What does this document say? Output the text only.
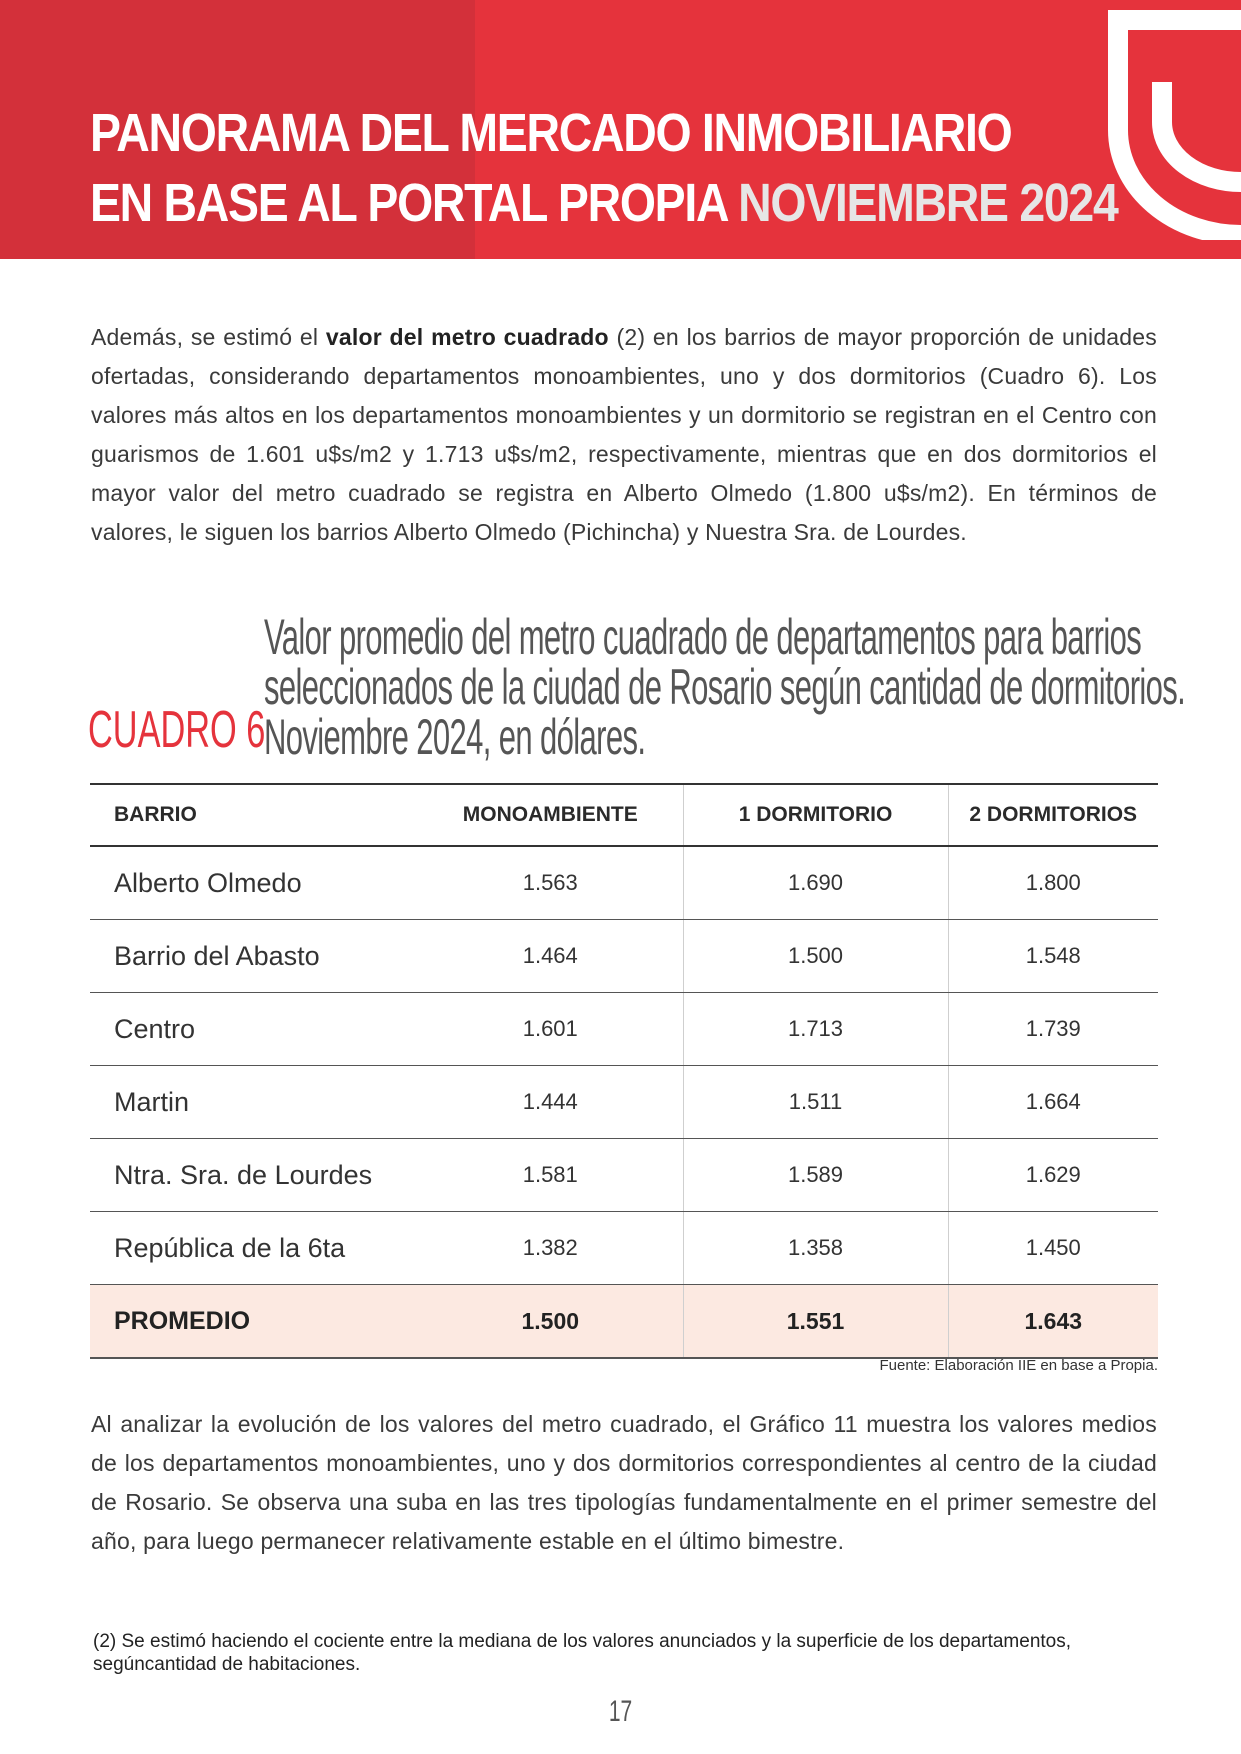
PANORAMA DEL MERCADO INMOBILIARIO
EN BASE AL PORTAL PROPIA NOVIEMBRE 2024

Además, se estimó el valor del metro cuadrado (2) en los barrios de mayor proporción de unidades ofertadas, considerando departamentos monoambientes, uno y dos dormitorios (Cuadro 6). Los valores más altos en los departamentos monoambientes y un dormitorio se registran en el Centro con guarismos de 1.601 u$s/m2 y 1.713 u$s/m2, respectivamente, mientras que en dos dormitorios el mayor valor del metro cuadrado se registra en Alberto Olmedo (1.800 u$s/m2). En términos de valores, le siguen los barrios Alberto Olmedo (Pichincha) y Nuestra Sra. de Lourdes.

CUADRO 6

Valor promedio del metro cuadrado de departamentos para barrios
seleccionados de la ciudad de Rosario según cantidad de dormitorios.
Noviembre 2024, en dólares.

BARRIO	MONOAMBIENTE	1 DORMITORIO	2 DORMITORIOS
Alberto Olmedo	1.563	1.690	1.800
Barrio del Abasto	1.464	1.500	1.548
Centro	1.601	1.713	1.739
Martin	1.444	1.511	1.664
Ntra. Sra. de Lourdes	1.581	1.589	1.629
República de la 6ta	1.382	1.358	1.450
PROMEDIO	1.500	1.551	1.643

Fuente: Elaboración IIE en base a Propia.

Al analizar la evolución de los valores del metro cuadrado, el Gráfico 11 muestra los valores medios de los departamentos monoambientes, uno y dos dormitorios correspondientes al centro de la ciudad de Rosario. Se observa una suba en las tres tipologías fundamentalmente en el primer semestre del año, para luego permanecer relativamente estable en el último bimestre.

(2) Se estimó haciendo el cociente entre la mediana de los valores anunciados y la superficie de los departamentos, segúncantidad de habitaciones.

17
